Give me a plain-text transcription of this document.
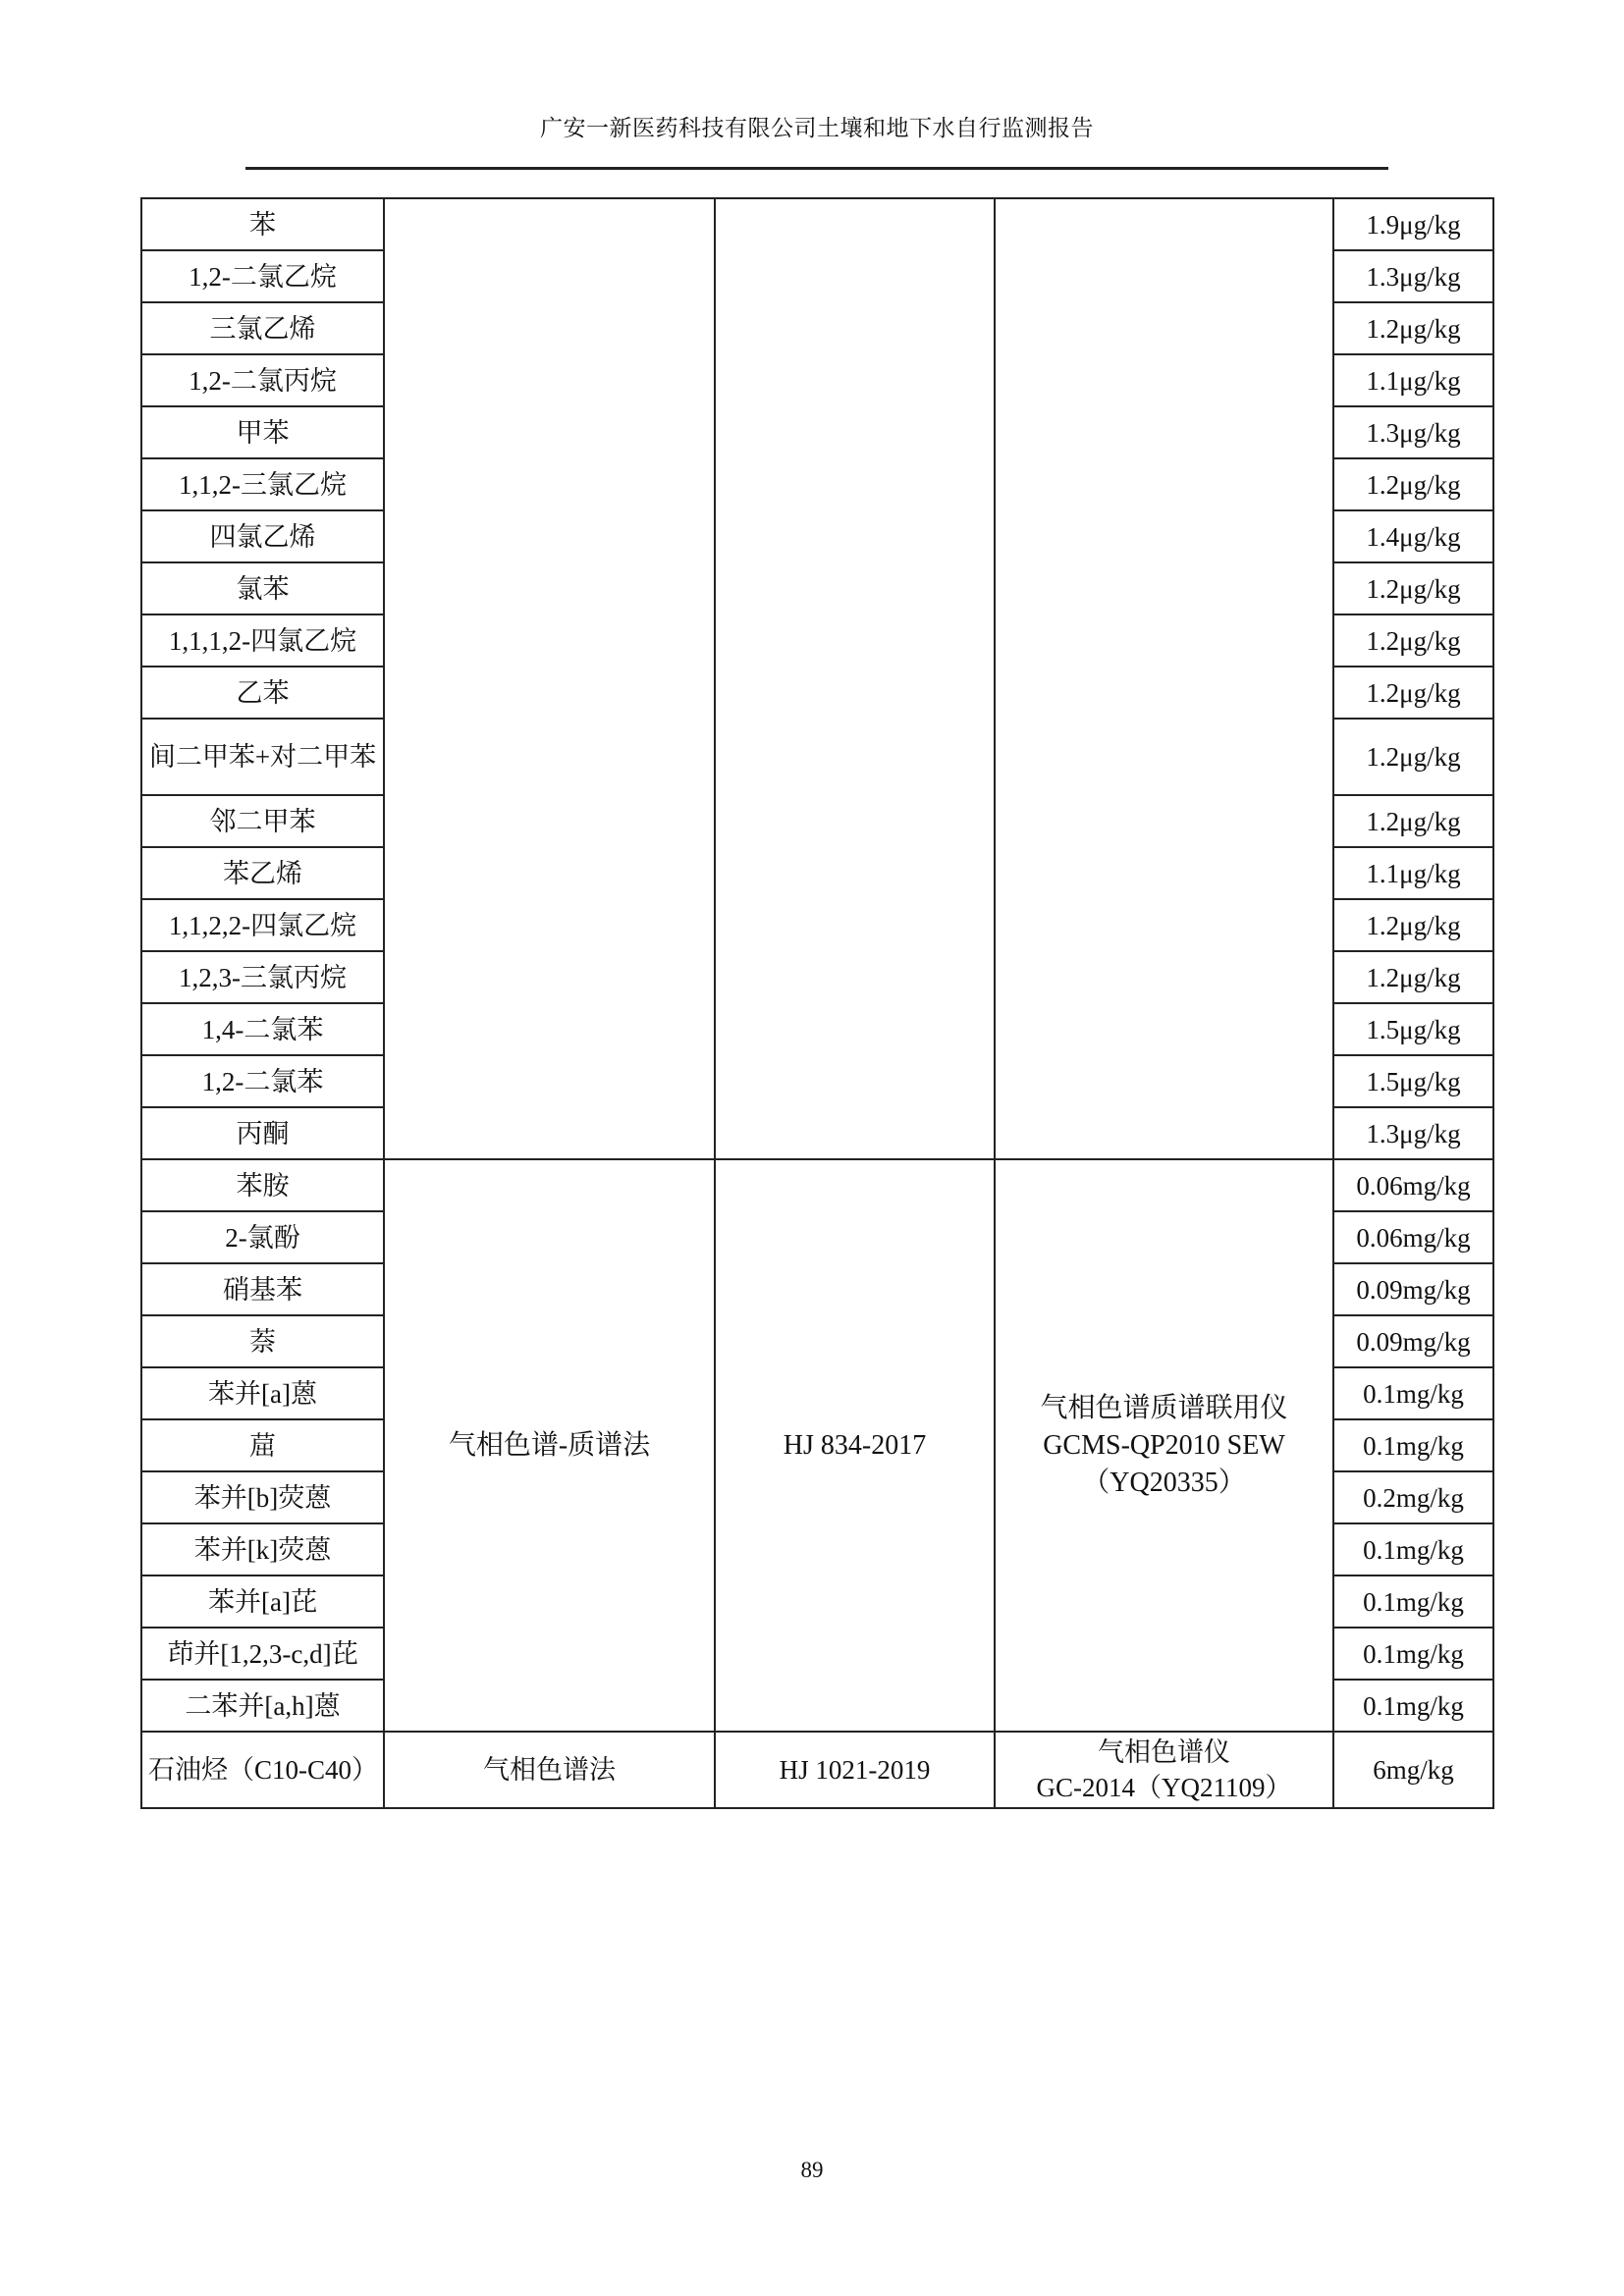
广安一新医药科技有限公司土壤和地下水自行监测报告
苯				1.9μg/kg
1,2-二氯乙烷				1.3μg/kg
三氯乙烯				1.2μg/kg
1,2-二氯丙烷				1.1μg/kg
甲苯				1.3μg/kg
1,1,2-三氯乙烷				1.2μg/kg
四氯乙烯				1.4μg/kg
氯苯				1.2μg/kg
1,1,1,2-四氯乙烷				1.2μg/kg
乙苯				1.2μg/kg
间二甲苯+对二甲苯				1.2μg/kg
邻二甲苯				1.2μg/kg
苯乙烯				1.1μg/kg
1,1,2,2-四氯乙烷				1.2μg/kg
1,2,3-三氯丙烷				1.2μg/kg
1,4-二氯苯				1.5μg/kg
1,2-二氯苯				1.5μg/kg
丙酮				1.3μg/kg
苯胺	气相色谱-质谱法	HJ 834-2017	气相色谱质谱联用仪
GCMS-QP2010 SEW
（YQ20335）	0.06mg/kg
2-氯酚				0.06mg/kg
硝基苯				0.09mg/kg
萘				0.09mg/kg
苯并[a]蒽				0.1mg/kg
䓛				0.1mg/kg
苯并[b]荧蒽				0.2mg/kg
苯并[k]荧蒽				0.1mg/kg
苯并[a]芘				0.1mg/kg
茚并[1,2,3-c,d]芘				0.1mg/kg
二苯并[a,h]蒽				0.1mg/kg
石油烃（C10-C40）	气相色谱法	HJ 1021-2019	气相色谱仪
GC-2014（YQ21109）	6mg/kg
89
